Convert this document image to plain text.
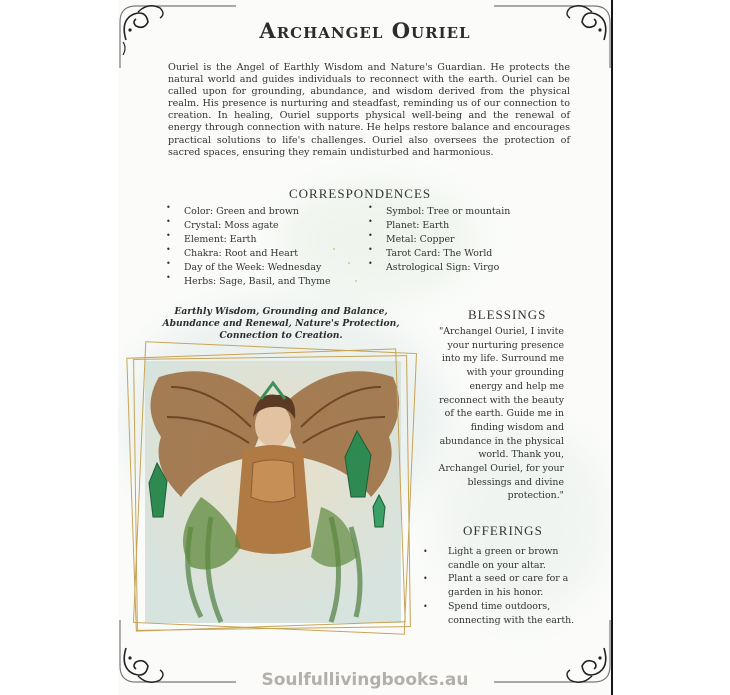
Archangel Ouriel
Ouriel is the Angel of Earthly Wisdom and Nature's Guardian. He protects the natural world and guides individuals to reconnect with the earth. Ouriel can be called upon for grounding, abundance, and wisdom derived from the physical realm. His presence is nurturing and steadfast, reminding us of our connection to creation. In healing, Ouriel supports physical well-being and the renewal of energy through connection with nature. He helps restore balance and encourages practical solutions to life's challenges. Ouriel also oversees the protection of sacred spaces, ensuring they remain undisturbed and harmonious.
CORRESPONDENCES
• Color: Green and brown
• Crystal: Moss agate
• Element: Earth
• Chakra: Root and Heart
• Day of the Week: Wednesday
• Herbs: Sage, Basil, and Thyme
• Symbol: Tree or mountain
• Planet: Earth
• Metal: Copper
• Tarot Card: The World
• Astrological Sign: Virgo
Earthly Wisdom, Grounding and Balance, Abundance and Renewal, Nature's Protection, Connection to Creation.
BLESSINGS
"Archangel Ouriel, I invite your nurturing presence into my life. Surround me with your grounding energy and help me reconnect with the beauty of the earth. Guide me in finding wisdom and abundance in the physical world. Thank you, Archangel Ouriel, for your blessings and divine protection."
OFFERINGS
• Light a green or brown candle on your altar.
• Plant a seed or care for a garden in his honor.
• Spend time outdoors, connecting with the earth.
Soulfullivingbooks.au
